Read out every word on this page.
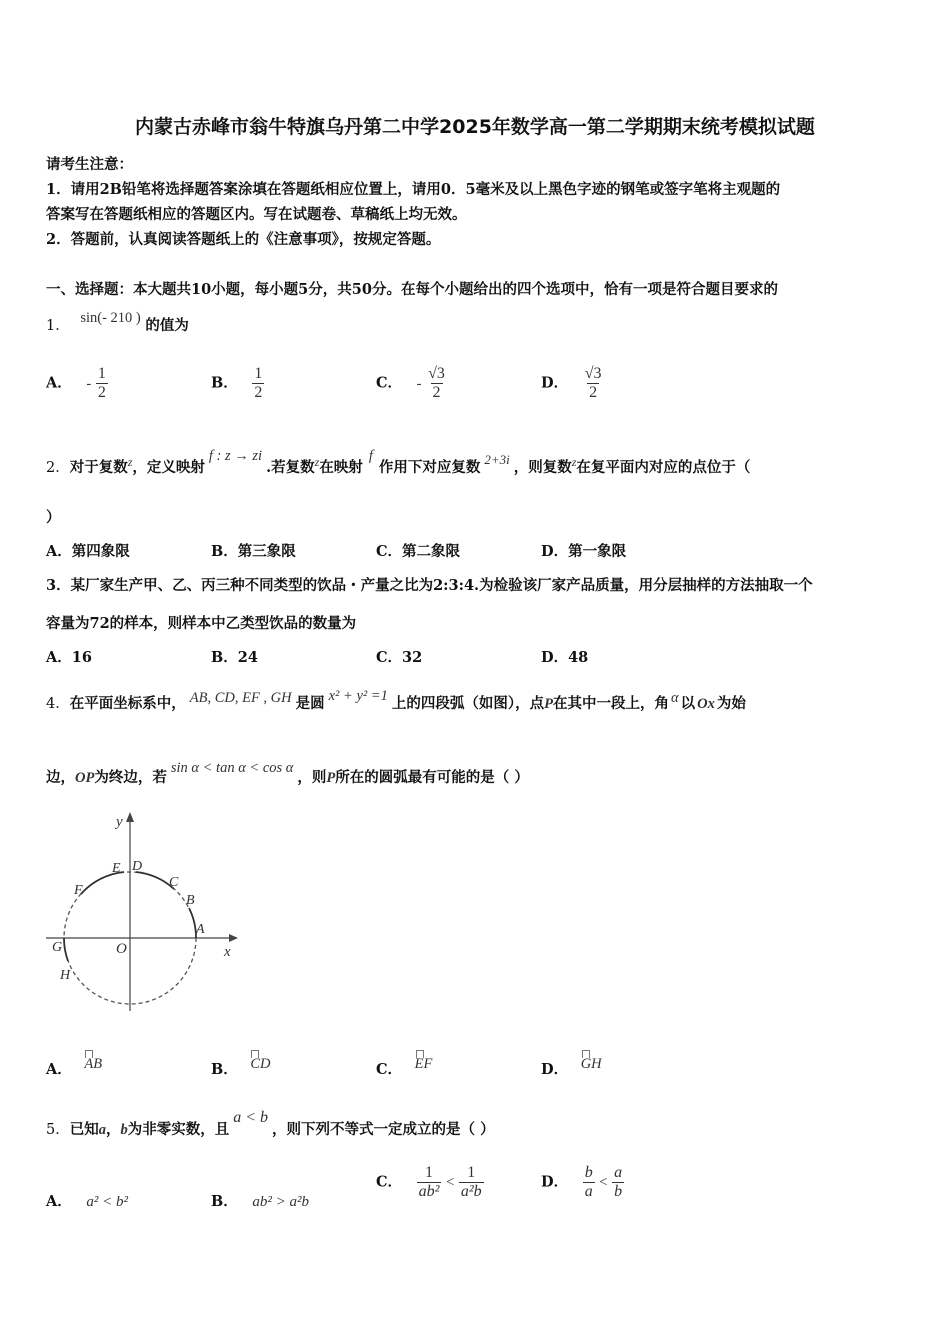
内蒙古赤峰市翁牛特旗乌丹第二中学2025年数学高一第二学期期末统考模拟试题
请考生注意：
1．请用2B铅笔将选择题答案涂填在答题纸相应位置上，请用0．5毫米及以上黑色字迹的钢笔或签字笔将主观题的
答案写在答题纸相应的答题区内。写在试题卷、草稿纸上均无效。
2．答题前，认真阅读答题纸上的《注意事项》，按规定答题。
一、选择题：本大题共10小题，每小题5分，共50分。在每个小题给出的四个选项中，恰有一项是符合题目要求的
1． sin(- 210 ) 的值为
A． - $\frac{1}{2}$	B． $\frac{1}{2}$	C． - $\frac{√3}{2}$	D． $\frac{√3}{2}$
2．对于复数$^z$，定义映射f : z → zi.若复数$^z$在映射f作用下对应复数 2+3i ，则复数$^z$在复平面内对应的点位于（
）
A．第四象限	B．第三象限	C．第二象限	D．第一象限
3．某厂家生产甲、乙、丙三种不同类型的饮品・产量之比为2:3:4.为检验该厂家产品质量，用分层抽样的方法抽取一个
容量为72的样本，则样本中乙类型饮品的数量为
A．16	B．24	C．32	D．48
4．在平面坐标系中， AB, CD, EF , GH 是圆 x² + y² =1 上的四段弧（如图），点P在其中一段上，角 α 以 Ox 为始
边，OP为终边，若sin α < tan α < cos α，则P所在的圆弧最有可能的是（ ）
y
x
O
A
B
C
D
E
F
G
H
A． AB	B． CD	C． EF	D． GH
5．已知a，b为非零实数，且a < b，则下列不等式一定成立的是（ ）
A． a² < b²	B． ab² > a²b
C． $\frac{1}{\text{ab²}} < \frac{1}{\text{a²b}}$	D． $\frac{b}{a} < \frac{a}{b}$
